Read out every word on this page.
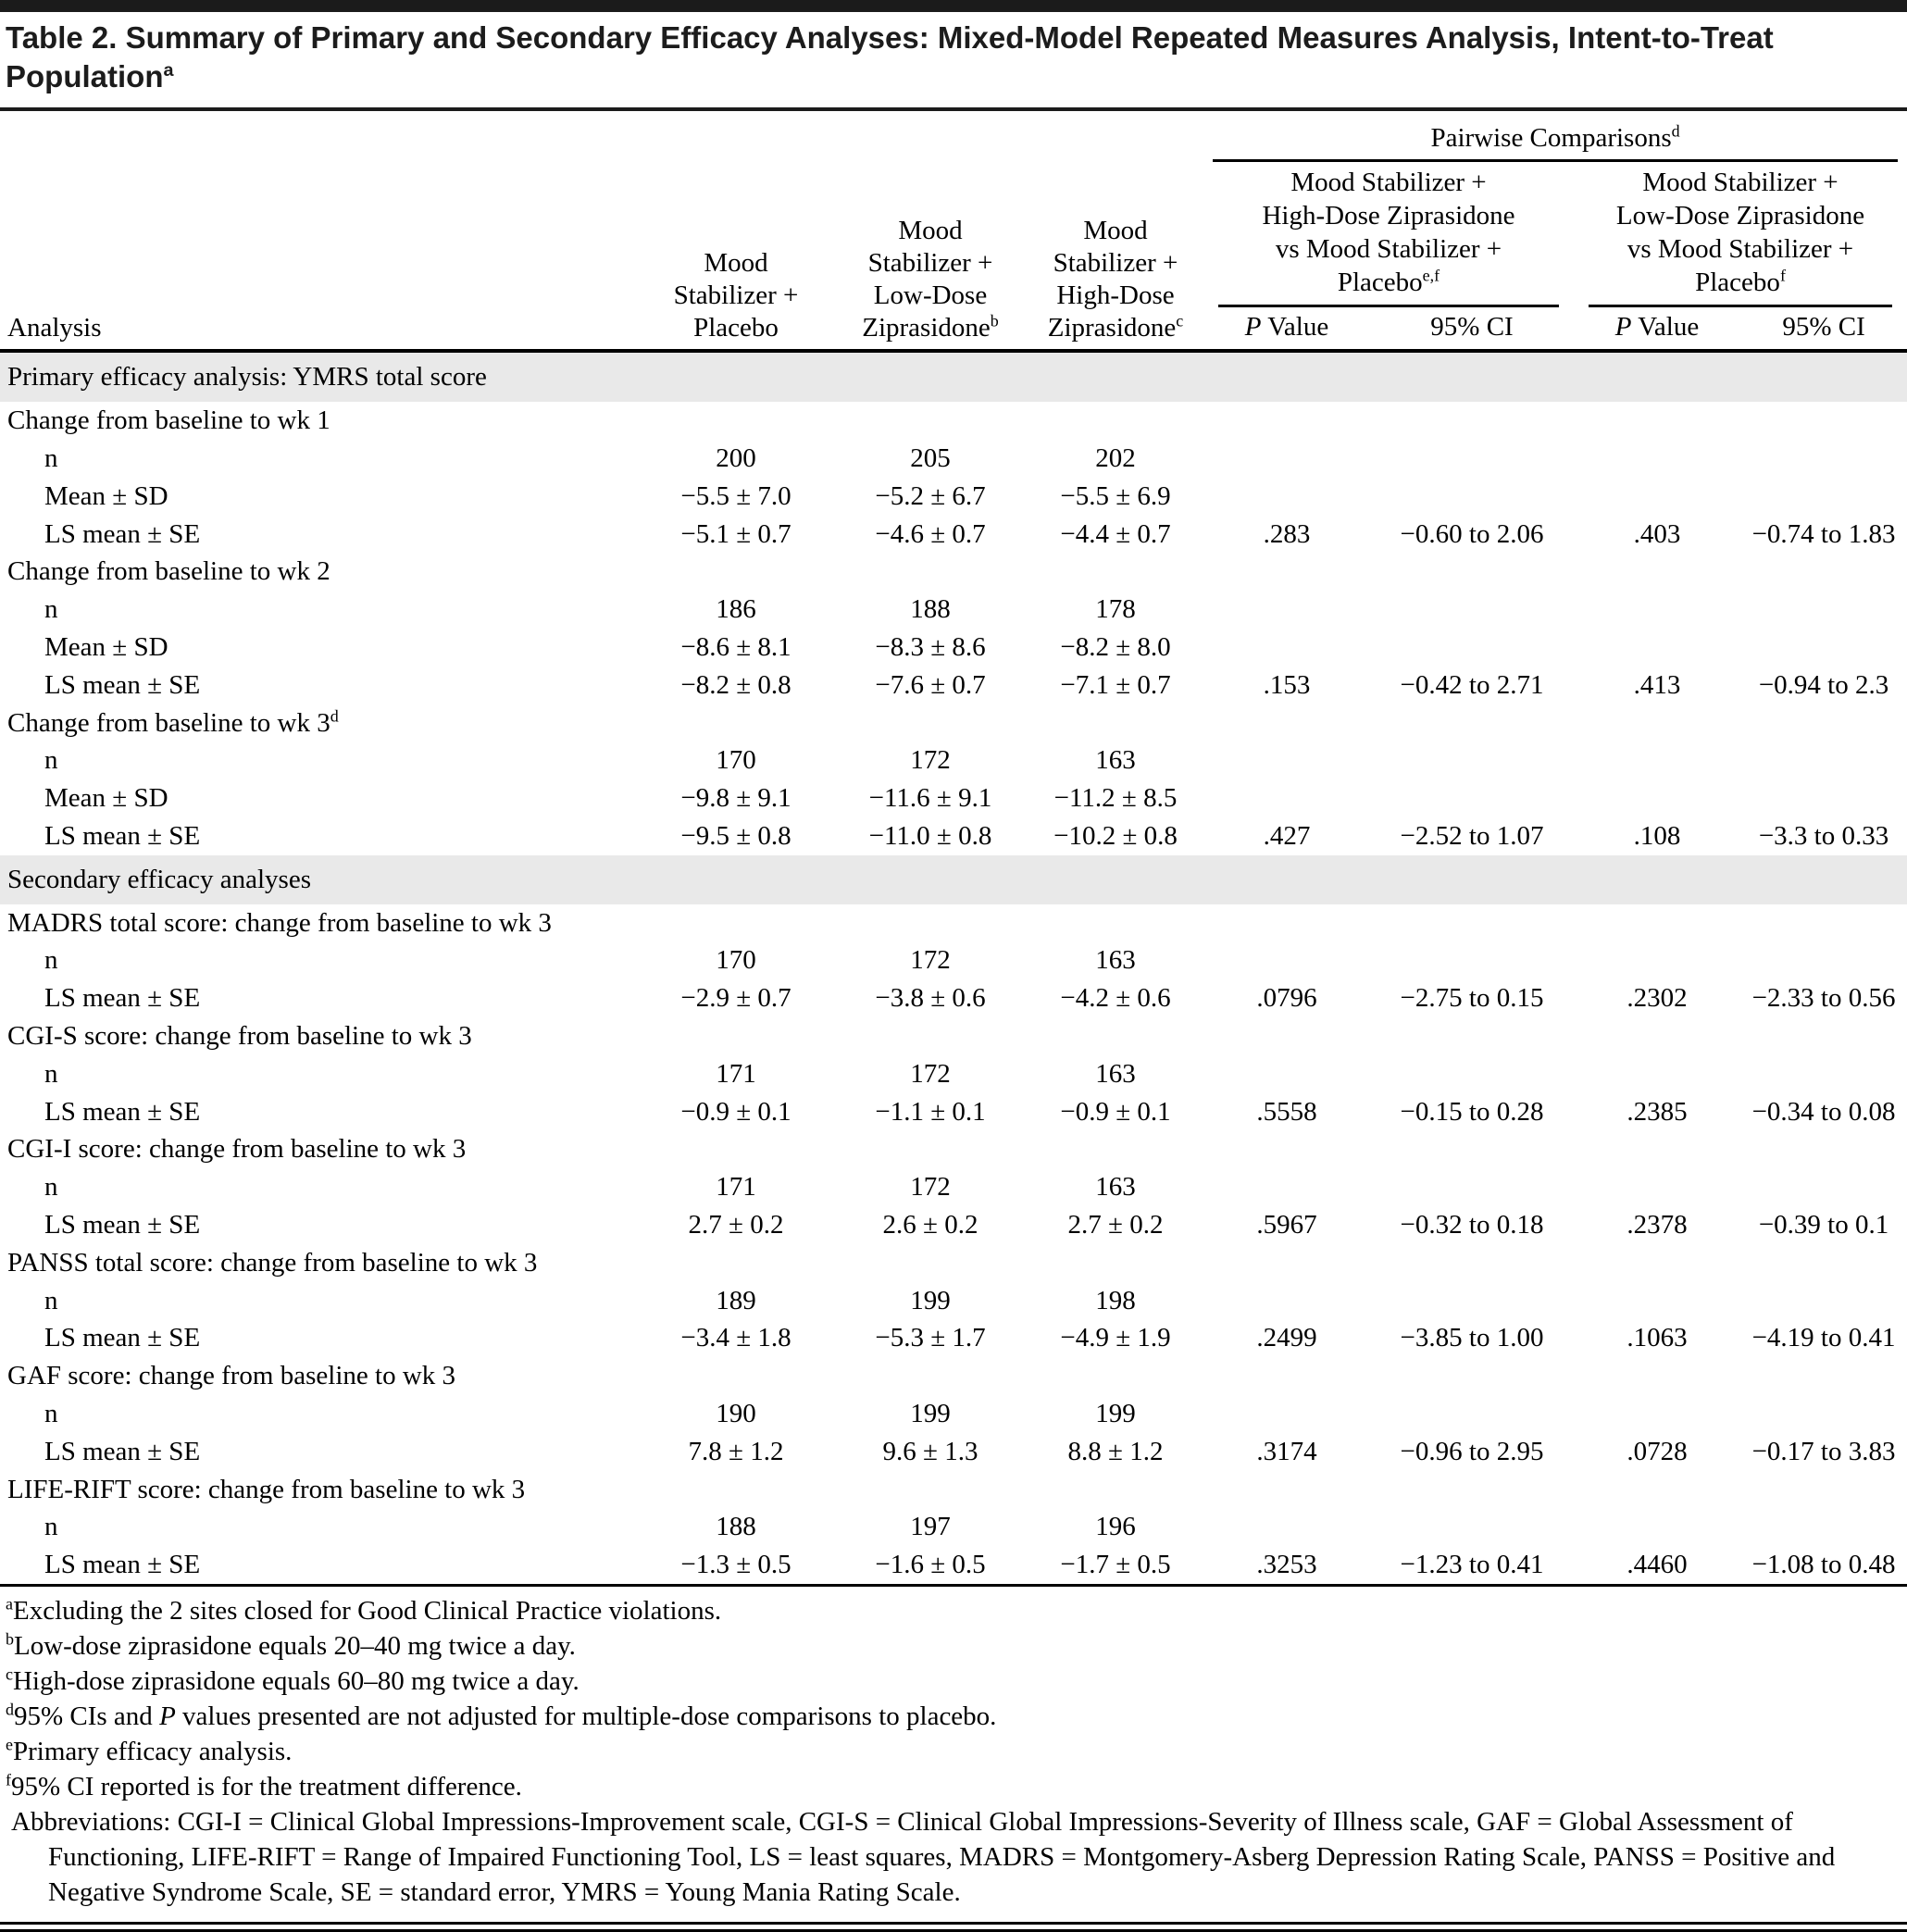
Table 2. Summary of Primary and Secondary Efficacy Analyses: Mixed-Model Repeated Measures Analysis, Intent-to-Treat Population$^a$
Analysis	Mood
Stabilizer +
Placebo	Mood
Stabilizer +
Low-Dose
Ziprasidone$^b$	Mood
Stabilizer +
High-Dose
Ziprasidone$^c$	Pairwise Comparisons$^d$

				Mood Stabilizer +
High-Dose Ziprasidone
vs Mood Stabilizer +
Placebo$^{e,f}$		Mood Stabilizer +
Low-Dose Ziprasidone
vs Mood Stabilizer +
Placebo$^f$

				P Value	95% CI	P Value	95% CI
Primary efficacy analysis: YMRS total score							
Change from baseline to wk 1							
n	200	205	202				
Mean ± SD	−5.5 ± 7.0	−5.2 ± 6.7	−5.5 ± 6.9				
LS mean ± SE	−5.1 ± 0.7	−4.6 ± 0.7	−4.4 ± 0.7	.283	−0.60 to 2.06	.403	−0.74 to 1.83
Change from baseline to wk 2							
n	186	188	178				
Mean ± SD	−8.6 ± 8.1	−8.3 ± 8.6	−8.2 ± 8.0				
LS mean ± SE	−8.2 ± 0.8	−7.6 ± 0.7	−7.1 ± 0.7	.153	−0.42 to 2.71	.413	−0.94 to 2.3
Change from baseline to wk 3$^d$							
n	170	172	163				
Mean ± SD	−9.8 ± 9.1	−11.6 ± 9.1	−11.2 ± 8.5				
LS mean ± SE	−9.5 ± 0.8	−11.0 ± 0.8	−10.2 ± 0.8	.427	−2.52 to 1.07	.108	−3.3 to 0.33
Secondary efficacy analyses							
MADRS total score: change from baseline to wk 3							
n	170	172	163				
LS mean ± SE	−2.9 ± 0.7	−3.8 ± 0.6	−4.2 ± 0.6	.0796	−2.75 to 0.15	.2302	−2.33 to 0.56
CGI-S score: change from baseline to wk 3							
n	171	172	163				
LS mean ± SE	−0.9 ± 0.1	−1.1 ± 0.1	−0.9 ± 0.1	.5558	−0.15 to 0.28	.2385	−0.34 to 0.08
CGI-I score: change from baseline to wk 3							
n	171	172	163				
LS mean ± SE	2.7 ± 0.2	2.6 ± 0.2	2.7 ± 0.2	.5967	−0.32 to 0.18	.2378	−0.39 to 0.1
PANSS total score: change from baseline to wk 3							
n	189	199	198				
LS mean ± SE	−3.4 ± 1.8	−5.3 ± 1.7	−4.9 ± 1.9	.2499	−3.85 to 1.00	.1063	−4.19 to 0.41
GAF score: change from baseline to wk 3							
n	190	199	199				
LS mean ± SE	7.8 ± 1.2	9.6 ± 1.3	8.8 ± 1.2	.3174	−0.96 to 2.95	.0728	−0.17 to 3.83
LIFE-RIFT score: change from baseline to wk 3							
n	188	197	196				
LS mean ± SE	−1.3 ± 0.5	−1.6 ± 0.5	−1.7 ± 0.5	.3253	−1.23 to 0.41	.4460	−1.08 to 0.48
$^a$Excluding the 2 sites closed for Good Clinical Practice violations.
$^b$Low-dose ziprasidone equals 20–40 mg twice a day.
$^c$High-dose ziprasidone equals 60–80 mg twice a day.
$^d$95% CIs and P values presented are not adjusted for multiple-dose comparisons to placebo.
$^e$Primary efficacy analysis.
$^f$95% CI reported is for the treatment difference.
Abbreviations: CGI-I = Clinical Global Impressions-Improvement scale, CGI-S = Clinical Global Impressions-Severity of Illness scale, GAF = Global Assessment of Functioning, LIFE-RIFT = Range of Impaired Functioning Tool, LS = least squares, MADRS = Montgomery-Asberg Depression Rating Scale, PANSS = Positive and Negative Syndrome Scale, SE = standard error, YMRS = Young Mania Rating Scale.
